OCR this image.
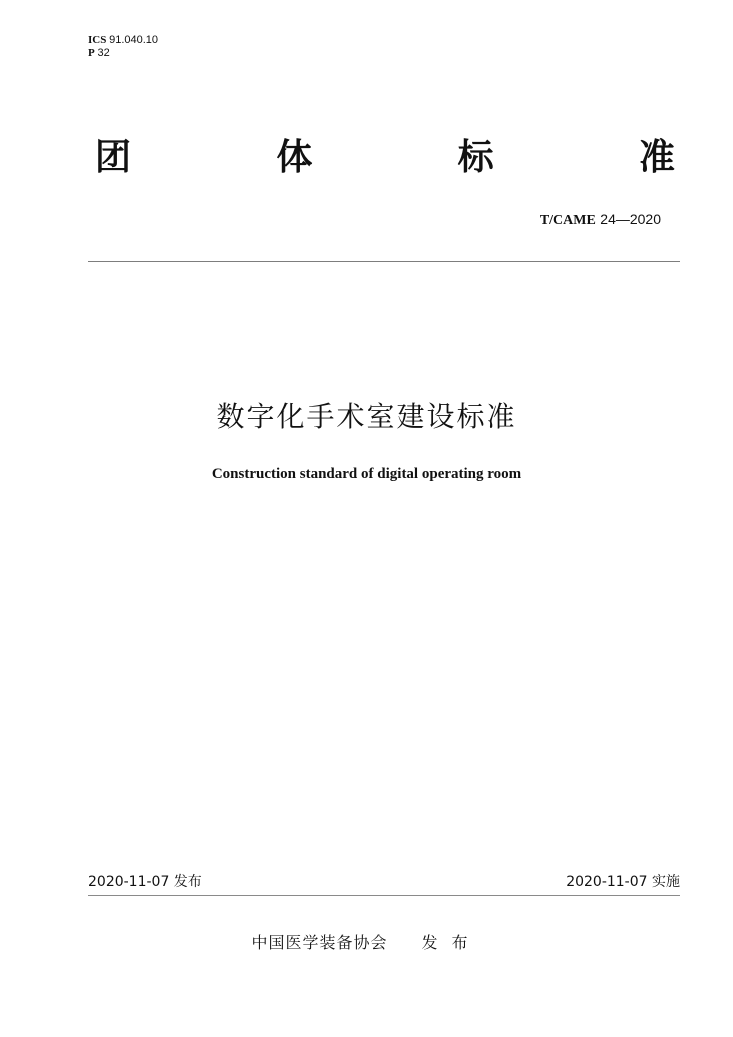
ICS 91.040.10
P 32
团	体	标	准
T/CAME 24—2020
数字化手术室建设标准
Construction standard of digital operating room
2020-11-07 发布	2020-11-07 实施
中国医学装备协会 发布
